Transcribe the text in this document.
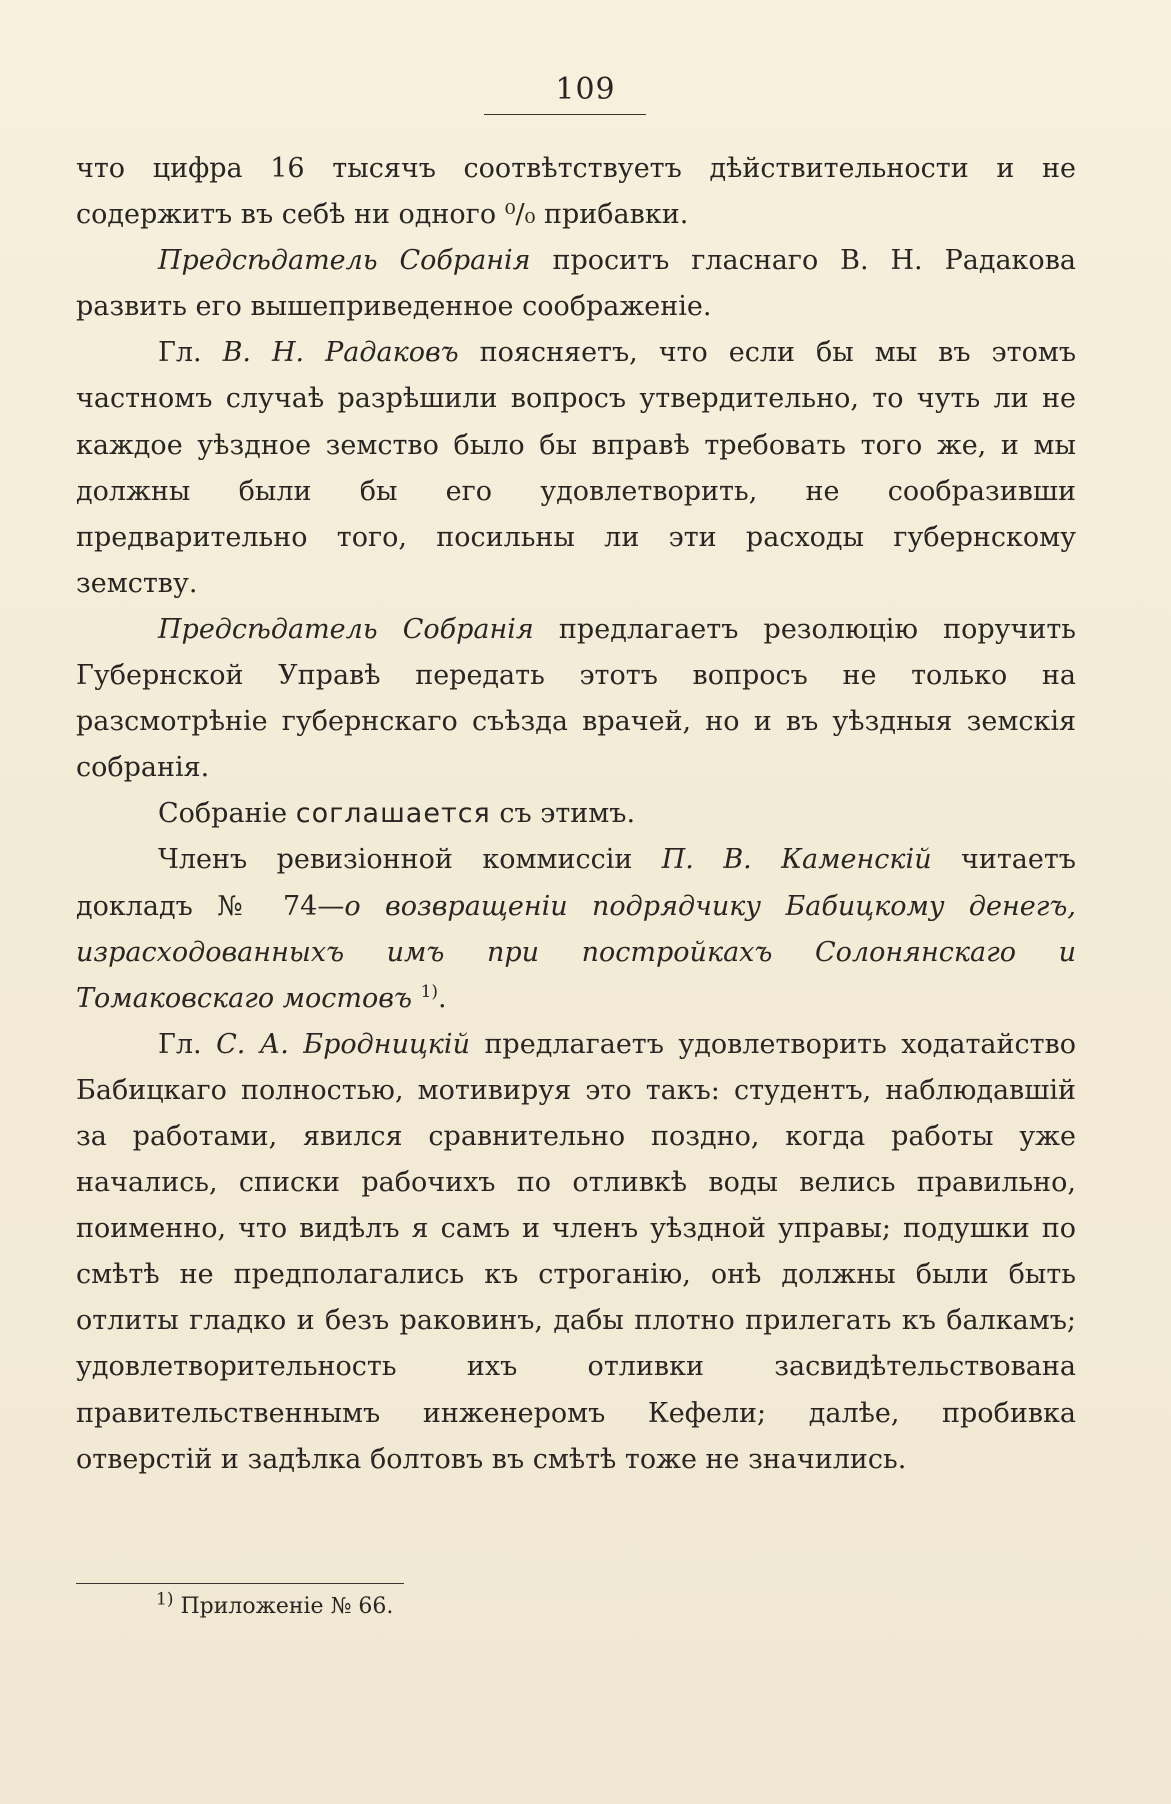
109

что цифра 16 тысячъ соотвѣтствуетъ дѣйствительности и не содержитъ въ себѣ ни одного ⁰/₀ прибавки.

Предсѣдатель Собранія проситъ гласнаго В. Н. Радакова развить его вышеприведенное соображеніе.

Гл. В. Н. Радаковъ поясняетъ, что если бы мы въ этомъ частномъ случаѣ разрѣшили вопросъ утвердительно, то чуть ли не каждое уѣздное земство было бы вправѣ требовать того же, и мы должны были бы его удовлетворить, не сообразивши предварительно того, посильны ли эти расходы губернскому земству.

Предсѣдатель Собранія предлагаетъ резолюцію поручить Губернской Управѣ передать этотъ вопросъ не только на разсмотрѣніе губернскаго съѣзда врачей, но и въ уѣздныя земскія собранія.

Собраніе соглашается съ этимъ.

Членъ ревизіонной коммиссіи П. В. Каменскій читаетъ докладъ № 74—о возвращеніи подрядчику Бабицкому денегъ, израсходованныхъ имъ при постройкахъ Солонянскаго и Томаковскаго мостовъ $^{1)}$.

Гл. С. А. Бродницкій предлагаетъ удовлетворить ходатайство Бабицкаго полностью, мотивируя это такъ: студентъ, наблюдавшій за работами, явился сравнительно поздно, когда работы уже начались, списки рабочихъ по отливкѣ воды велись правильно, поименно, что видѣлъ я самъ и членъ уѣздной управы; подушки по смѣтѣ не предполагались къ строганію, онѣ должны были быть отлиты гладко и безъ раковинъ, дабы плотно прилегать къ балкамъ; удовлетворительность ихъ отливки засвидѣтельствована правительственнымъ инженеромъ Кефели; далѣе, пробивка отверстій и задѣлка болтовъ въ смѣтѣ тоже не значились.

$^{1)}$ Приложеніе № 66.
